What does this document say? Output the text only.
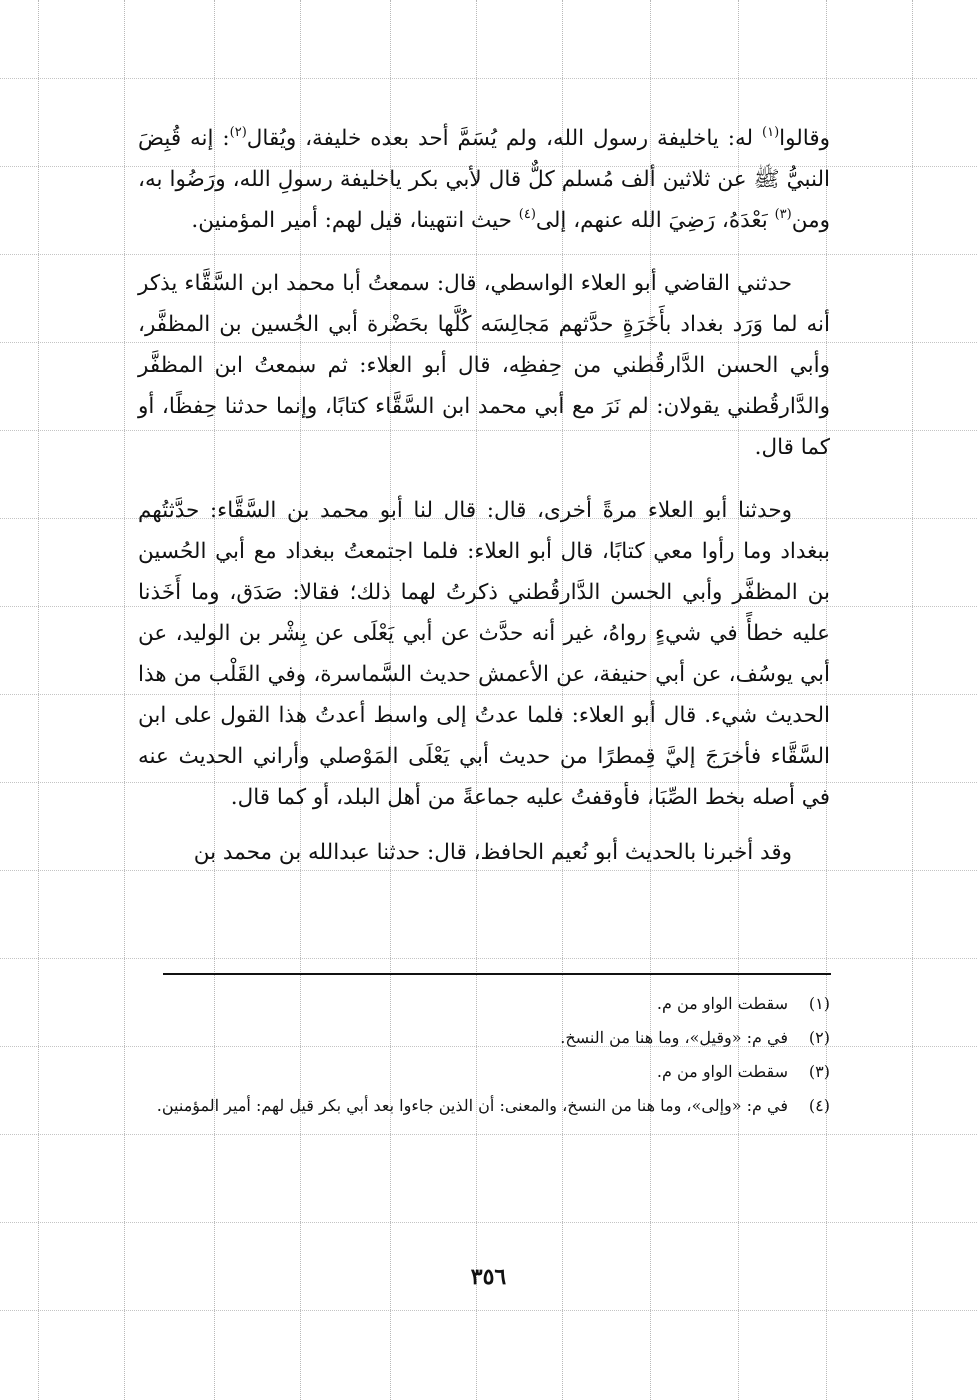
وقالوا$^{(١)}$ له: ياخليفة رسول الله، ولم يُسَمَّ أحد بعده خليفة، ويُقال$^{(٢)}$: إنه قُبِضَ النبيُّ ﷺ عن ثلاثين ألف مُسلم كلٌّ قال لأبي بكر ياخليفة رسولِ الله، ورَضُوا به، ومن$^{(٣)}$ بَعْدَهُ، رَضِيَ الله عنهم، إلى$^{(٤)}$ حيث انتهينا، قيل لهم: أمير المؤمنين.

حدثني القاضي أبو العلاء الواسطي، قال: سمعتُ أبا محمد ابن السَّقَّاء يذكر أنه لما وَرَد بغداد بأَخَرَةٍ حدَّثهم مَجالِسَه كُلَّها بحَضْرة أبي الحُسين بن المظفَّر، وأبي الحسن الدَّارقُطني من حِفظِه، قال أبو العلاء: ثم سمعتُ ابن المظفَّر والدَّارقُطني يقولان: لم نَرَ مع أبي محمد ابن السَّقَّاء كتابًا، وإنما حدثنا حِفظًا، أو كما قال.

وحدثنا أبو العلاء مرةً أخرى، قال: قال لنا أبو محمد بن السَّقَّاء: حدَّثتُهم ببغداد وما رأوا معي كتابًا، قال أبو العلاء: فلما اجتمعتُ ببغداد مع أبي الحُسين بن المظفَّر وأبي الحسن الدَّارقُطني ذكرتُ لهما ذلك؛ فقالا: صَدَق، وما أَخَذنا عليه خطأً في شيءٍ رواهُ، غير أنه حدَّث عن أبي يَعْلَى عن بِشْر بن الوليد، عن أبي يوسُف، عن أبي حنيفة، عن الأعمش حديث السَّماسرة، وفي القَلْب من هذا الحديث شيء. قال أبو العلاء: فلما عدتُ إلى واسط أعدتُ هذا القول على ابن السَّقَّاء فأخرَجَ إليَّ قِمطرًا من حديث أبي يَعْلَى المَوْصلي وأراني الحديث عنه في أصله بخط الصِّبَا، فأوقفتُ عليه جماعةً من أهل البلد، أو كما قال.

وقد أخبرنا بالحديث أبو نُعيم الحافظ، قال: حدثنا عبدالله بن محمد بن

(١)
سقطت الواو من م.
(٢)
في م: «وقيل»، وما هنا من النسخ.
(٣)
سقطت الواو من م.
(٤)
في م: «وإلى»، وما هنا من النسخ، والمعنى: أن الذين جاءوا بعد أبي بكر قيل لهم: أمير المؤمنين.
٣٥٦
